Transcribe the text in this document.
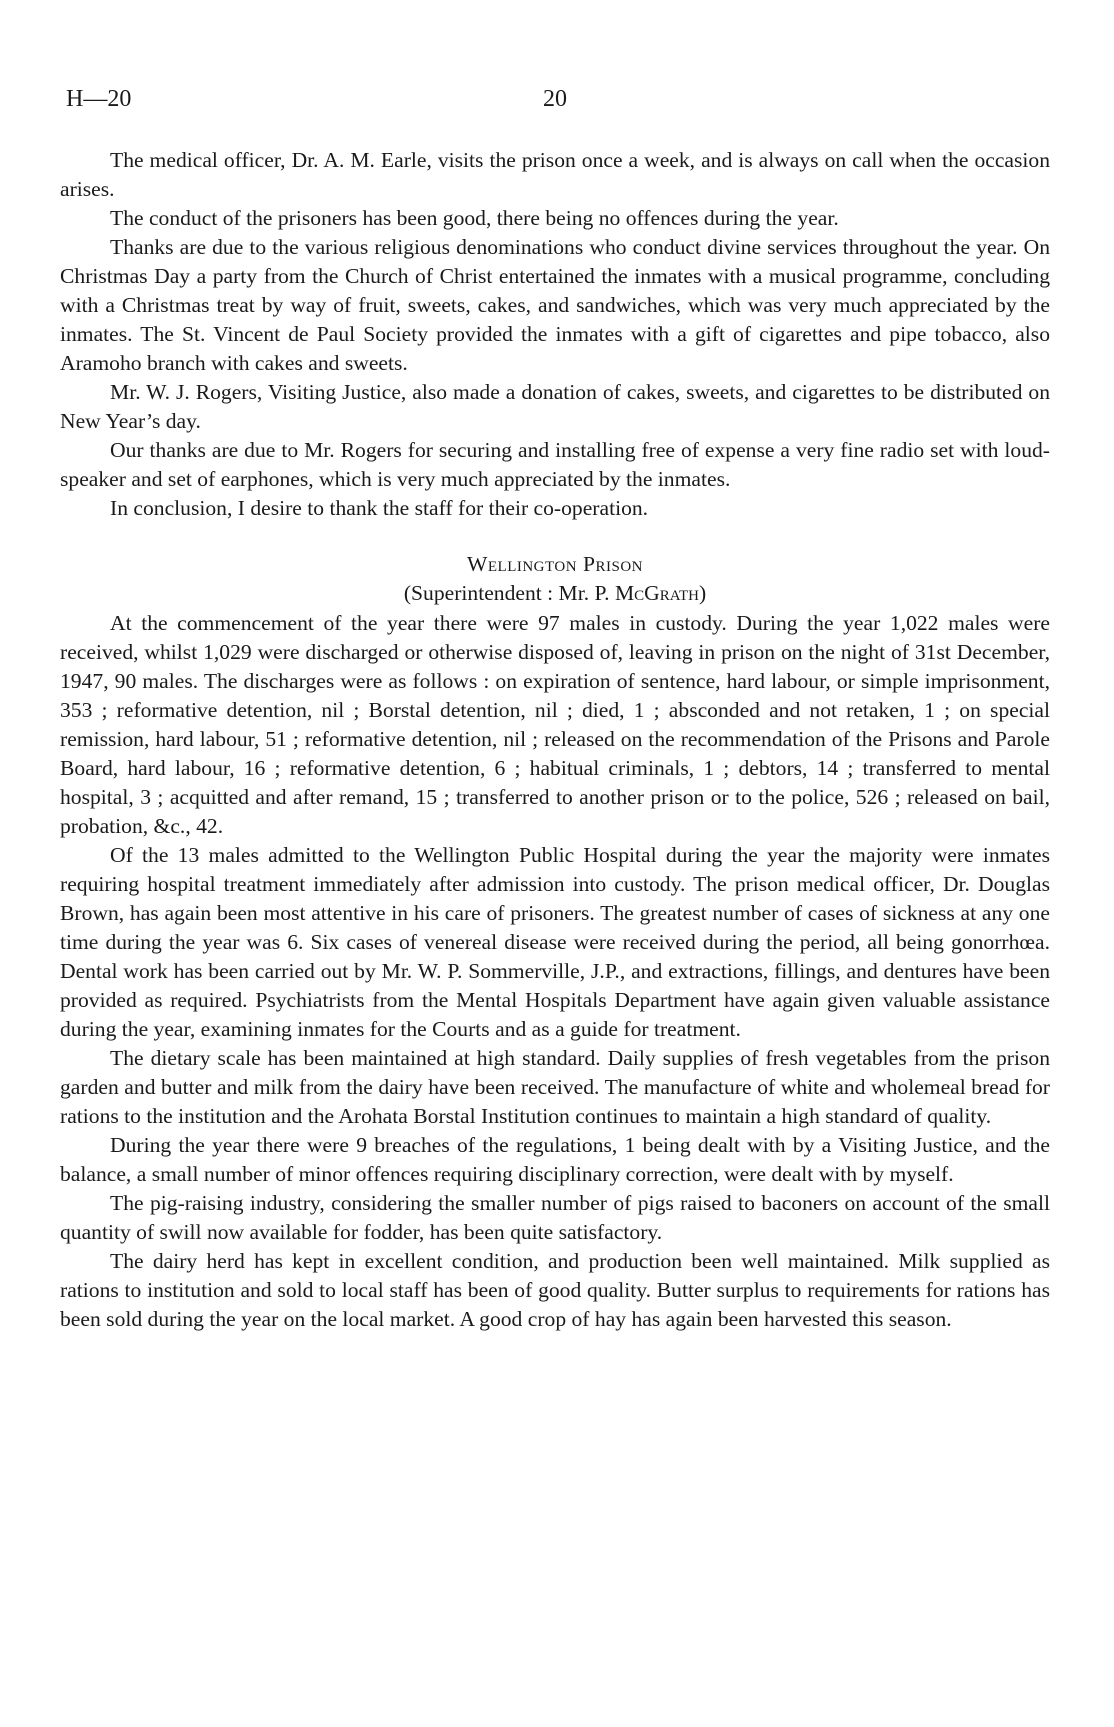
H—20	20

The medical officer, Dr. A. M. Earle, visits the prison once a week, and is always on call when the occasion arises.

The conduct of the prisoners has been good, there being no offences during the year.

Thanks are due to the various religious denominations who conduct divine services throughout the year. On Christmas Day a party from the Church of Christ entertained the inmates with a musical programme, concluding with a Christmas treat by way of fruit, sweets, cakes, and sandwiches, which was very much appreciated by the inmates. The St. Vincent de Paul Society provided the inmates with a gift of cigarettes and pipe tobacco, also Aramoho branch with cakes and sweets.

Mr. W. J. Rogers, Visiting Justice, also made a donation of cakes, sweets, and cigarettes to be distributed on New Year’s day.

Our thanks are due to Mr. Rogers for securing and installing free of expense a very fine radio set with loud-speaker and set of earphones, which is very much appreciated by the inmates.

In conclusion, I desire to thank the staff for their co-operation.

Wellington Prison

(Superintendent : Mr. P. McGrath)

At the commencement of the year there were 97 males in custody. During the year 1,022 males were received, whilst 1,029 were discharged or otherwise disposed of, leaving in prison on the night of 31st December, 1947, 90 males. The discharges were as follows : on expiration of sentence, hard labour, or simple imprisonment, 353 ; reformative detention, nil ; Borstal detention, nil ; died, 1 ; absconded and not retaken, 1 ; on special remission, hard labour, 51 ; reformative detention, nil ; released on the recommendation of the Prisons and Parole Board, hard labour, 16 ; reformative detention, 6 ; habitual criminals, 1 ; debtors, 14 ; transferred to mental hospital, 3 ; acquitted and after remand, 15 ; transferred to another prison or to the police, 526 ; released on bail, probation, &c., 42.

Of the 13 males admitted to the Wellington Public Hospital during the year the majority were inmates requiring hospital treatment immediately after admission into custody. The prison medical officer, Dr. Douglas Brown, has again been most attentive in his care of prisoners. The greatest number of cases of sickness at any one time during the year was 6. Six cases of venereal disease were received during the period, all being gonorrhœa. Dental work has been carried out by Mr. W. P. Sommerville, J.P., and extractions, fillings, and dentures have been provided as required. Psychiatrists from the Mental Hospitals Department have again given valuable assistance during the year, examining inmates for the Courts and as a guide for treatment.

The dietary scale has been maintained at high standard. Daily supplies of fresh vegetables from the prison garden and butter and milk from the dairy have been received. The manufacture of white and wholemeal bread for rations to the institution and the Arohata Borstal Institution continues to maintain a high standard of quality.

During the year there were 9 breaches of the regulations, 1 being dealt with by a Visiting Justice, and the balance, a small number of minor offences requiring disciplinary correction, were dealt with by myself.

The pig-raising industry, considering the smaller number of pigs raised to baconers on account of the small quantity of swill now available for fodder, has been quite satisfactory.

The dairy herd has kept in excellent condition, and production been well maintained. Milk supplied as rations to institution and sold to local staff has been of good quality. Butter surplus to requirements for rations has been sold during the year on the local market. A good crop of hay has again been harvested this season.
